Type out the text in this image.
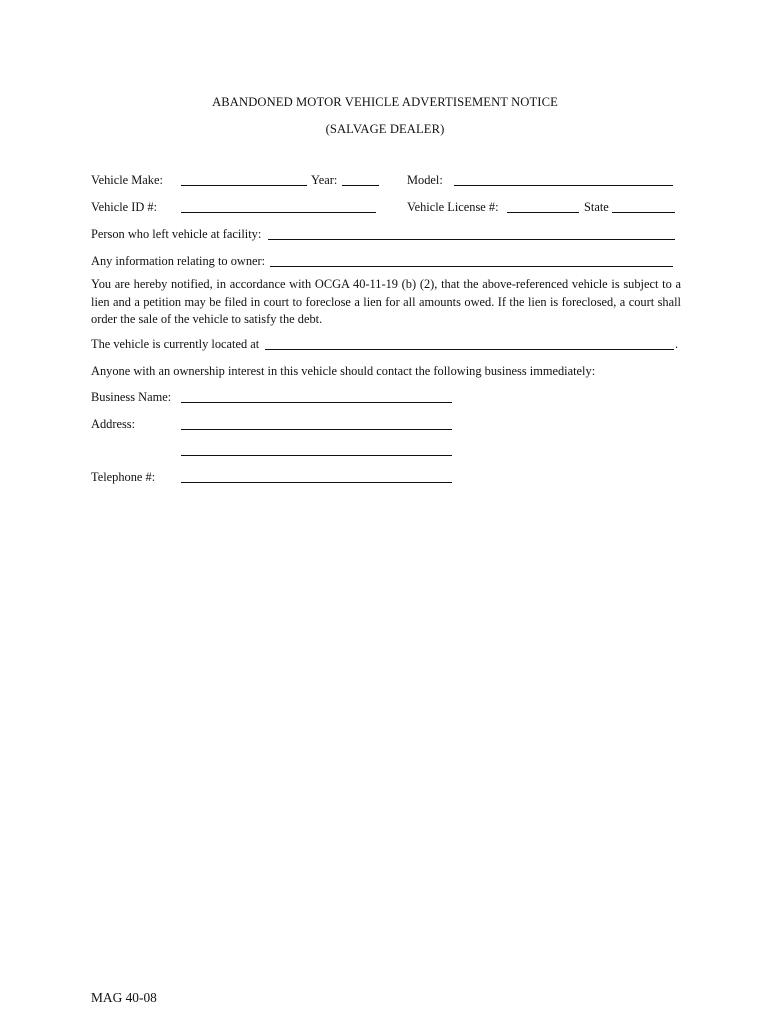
ABANDONED MOTOR VEHICLE ADVERTISEMENT NOTICE
(SALVAGE DEALER)
Vehicle Make:	Year:	Model:
Vehicle ID #:	Vehicle License #:	State
Person who left vehicle at facility:
Any information relating to owner:
You are hereby notified, in accordance with OCGA 40-11-19 (b) (2), that the above-referenced vehicle is subject to a lien and a petition may be filed in court to foreclose a lien for all amounts owed. If the lien is foreclosed, a court shall order the sale of the vehicle to satisfy the debt.
The vehicle is currently located at	.
Anyone with an ownership interest in this vehicle should contact the following business immediately:
Business Name:
Address:
Telephone #:
MAG 40-08
